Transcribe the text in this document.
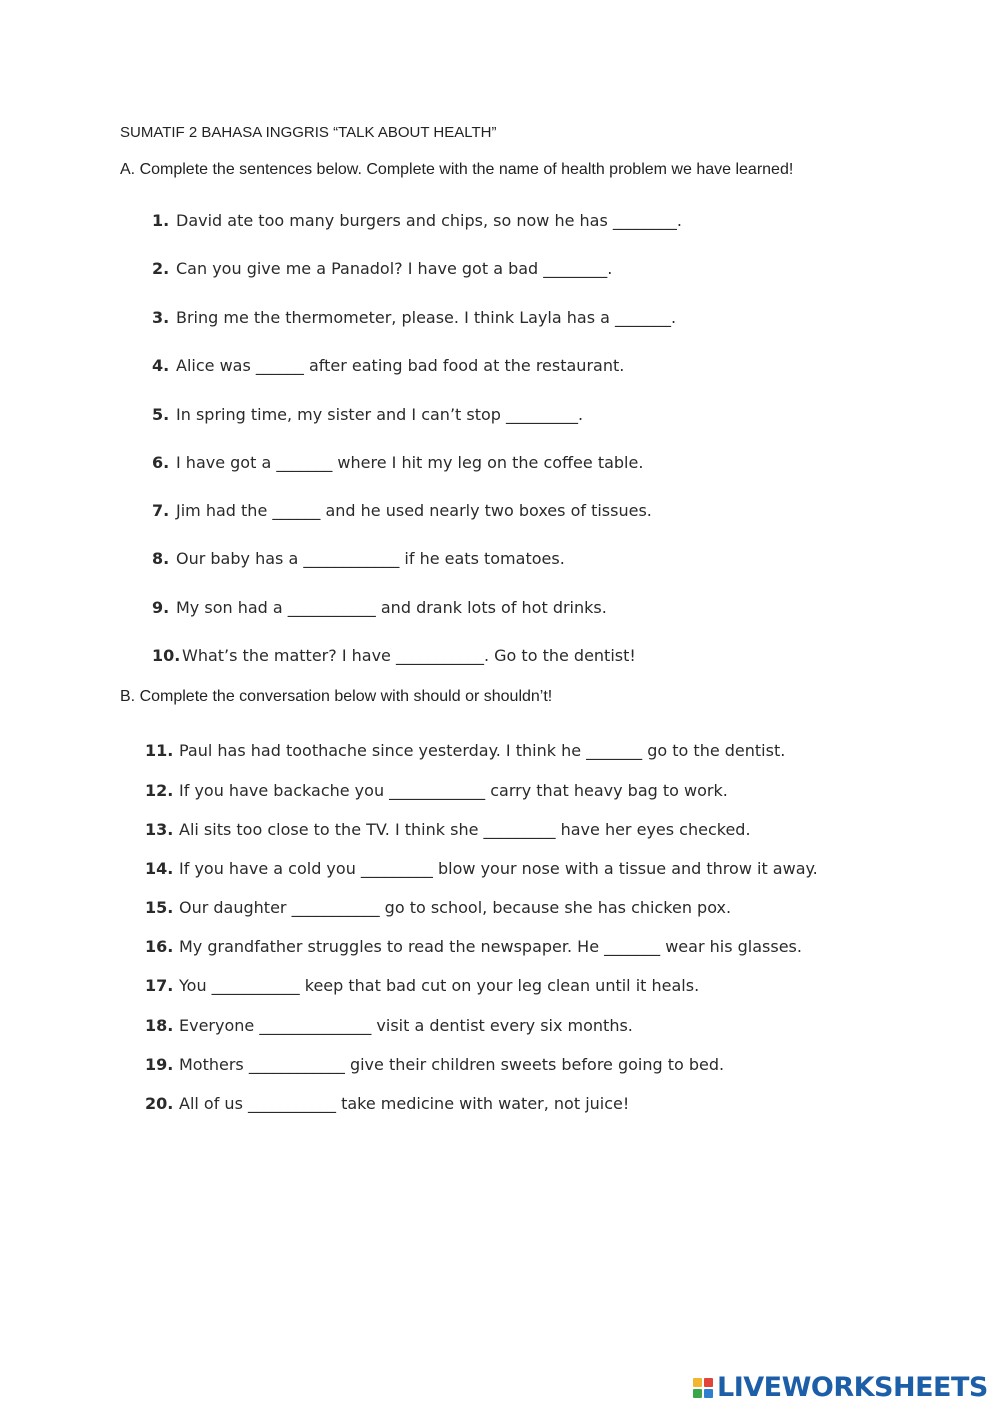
SUMATIF 2 BAHASA INGGRIS “TALK ABOUT HEALTH”
A. Complete the sentences below. Complete with the name of health problem we have learned!
1. David ate too many burgers and chips, so now he has ________.
2. Can you give me a Panadol? I have got a bad ________.
3. Bring me the thermometer, please. I think Layla has a _______.
4. Alice was ______ after eating bad food at the restaurant.
5. In spring time, my sister and I can’t stop _________.
6. I have got a _______ where I hit my leg on the coffee table.
7. Jim had the ______ and he used nearly two boxes of tissues.
8. Our baby has a ____________ if he eats tomatoes.
9. My son had a ___________ and drank lots of hot drinks.
10. What’s the matter? I have ___________. Go to the dentist!
B. Complete the conversation below with should or shouldn’t!
11. Paul has had toothache since yesterday. I think he _______ go to the dentist.
12. If you have backache you ____________ carry that heavy bag to work.
13. Ali sits too close to the TV. I think she _________ have her eyes checked.
14. If you have a cold you _________ blow your nose with a tissue and throw it away.
15. Our daughter ___________ go to school, because she has chicken pox.
16. My grandfather struggles to read the newspaper. He _______ wear his glasses.
17. You ___________ keep that bad cut on your leg clean until it heals.
18. Everyone ______________ visit a dentist every six months.
19. Mothers ____________ give their children sweets before going to bed.
20. All of us ___________ take medicine with water, not juice!
LIVEWORKSHEETS
